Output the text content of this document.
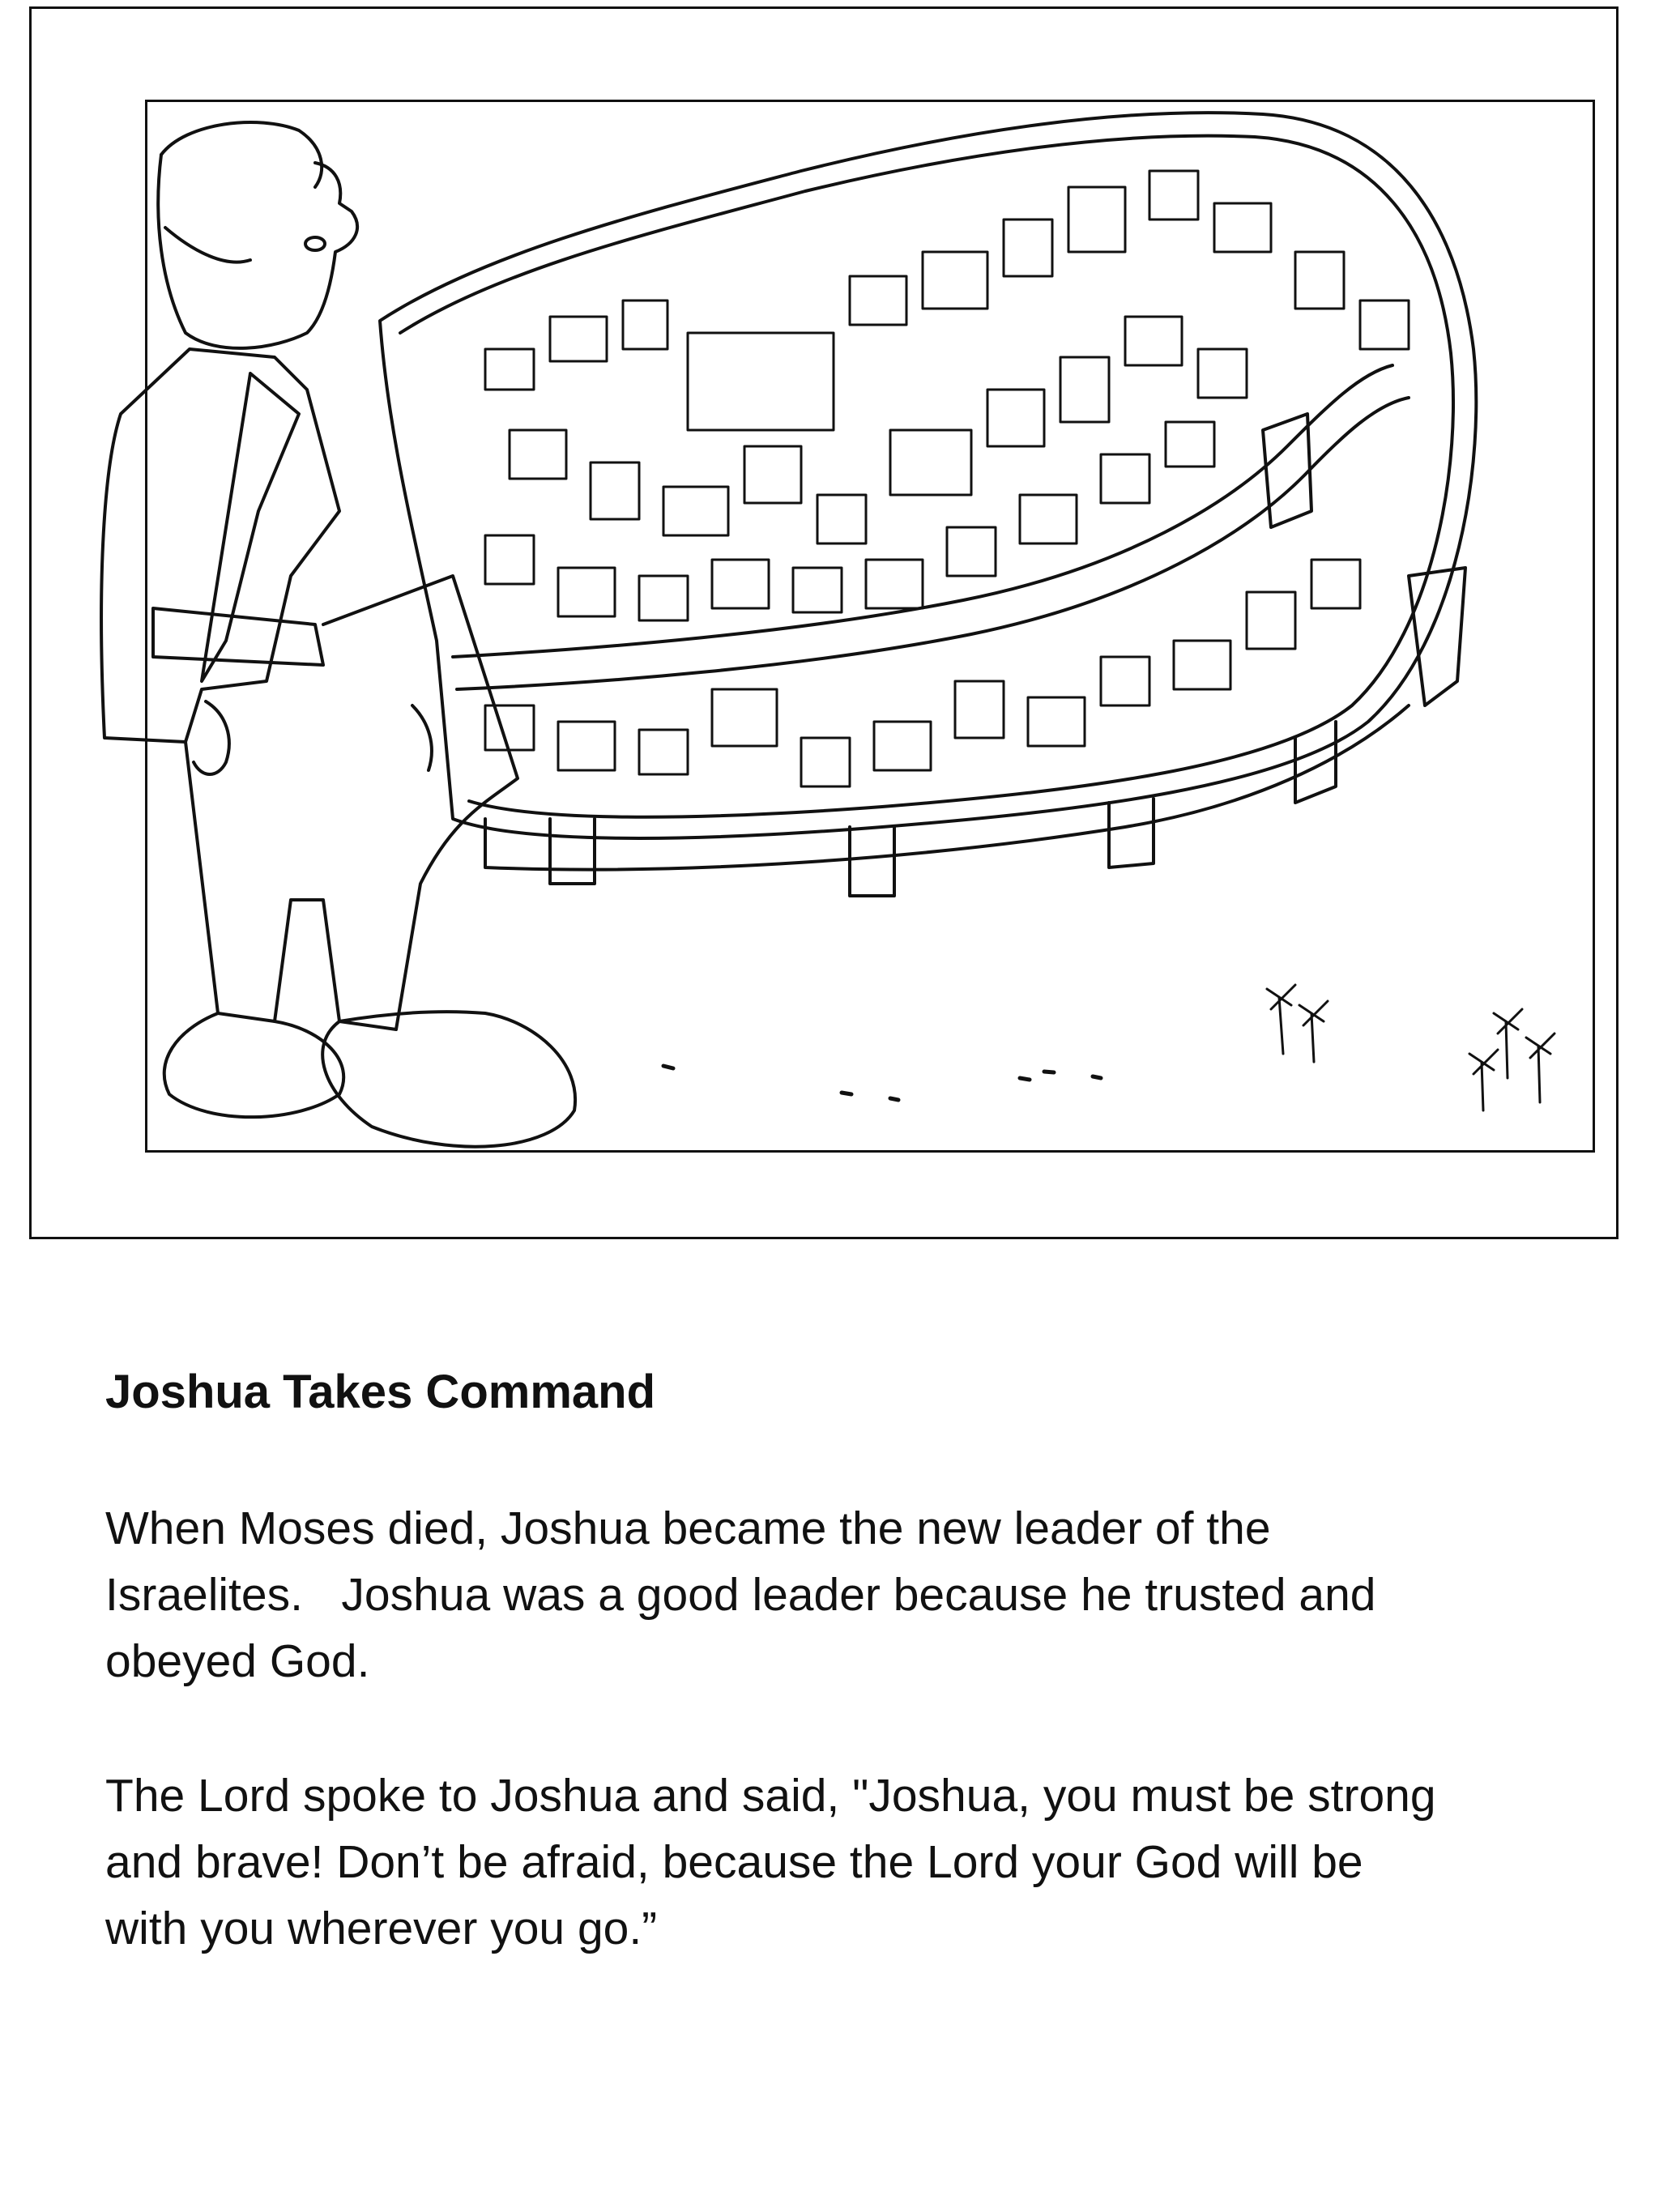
Joshua Takes Command

When Moses died, Joshua became the new leader of the
Israelites.   Joshua was a good leader because he trusted and
obeyed God.

The Lord spoke to Joshua and said, "Joshua, you must be strong
and brave! Don’t be afraid, because the Lord your God will be
with you wherever you go.”
